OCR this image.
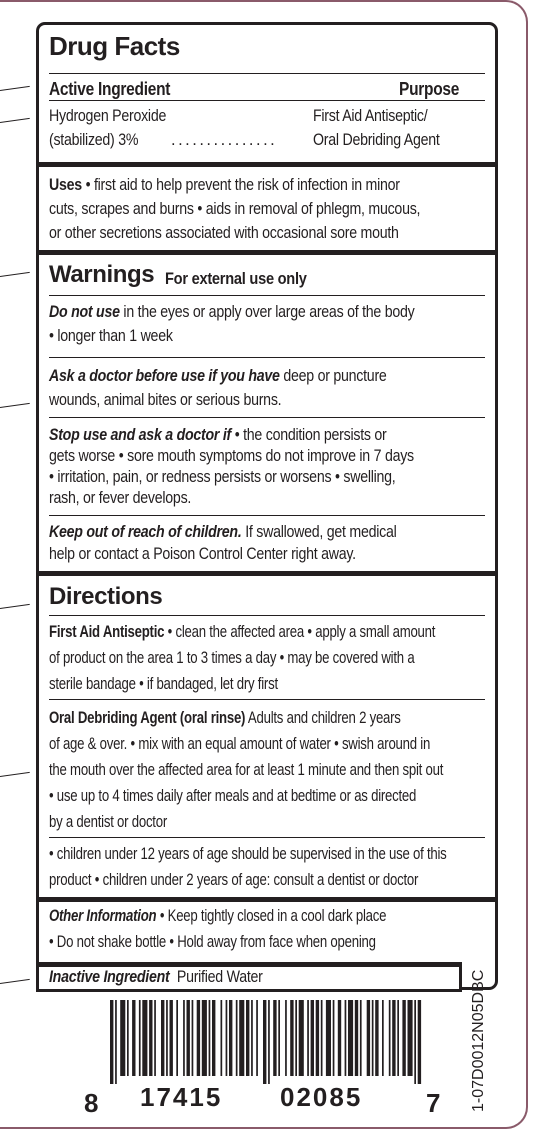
Drug Facts
Active Ingredient	Purpose
Hydrogen Peroxide
(stabilized) 3% ...............
First Aid Antiseptic/
Oral Debriding Agent
Uses • first aid to help prevent the risk of infection in minor
cuts, scrapes and burns • aids in removal of phlegm, mucous,
or other secretions associated with occasional sore mouth
Warnings For external use only
Do not use in the eyes or apply over large areas of the body
• longer than 1 week
Ask a doctor before use if you have deep or puncture
wounds, animal bites or serious burns.
Stop use and ask a doctor if • the condition persists or
gets worse • sore mouth symptoms do not improve in 7 days
• irritation, pain, or redness persists or worsens • swelling,
rash, or fever develops.
Keep out of reach of children. If swallowed, get medical
help or contact a Poison Control Center right away.
Directions
First Aid Antiseptic • clean the affected area • apply a small amount
of product on the area 1 to 3 times a day • may be covered with a
sterile bandage • if bandaged, let dry first
Oral Debriding Agent (oral rinse) Adults and children 2 years
of age & over. • mix with an equal amount of water • swish around in
the mouth over the affected area for at least 1 minute and then spit out
• use up to 4 times daily after meals and at bedtime or as directed
by a dentist or doctor
• children under 12 years of age should be supervised in the use of this
product • children under 2 years of age: consult a dentist or doctor
Other Information • Keep tightly closed in a cool dark place
• Do not shake bottle • Hold away from face when opening
Inactive Ingredient Purified Water
8 17415 02085 7 1-07D0012N05DBC
